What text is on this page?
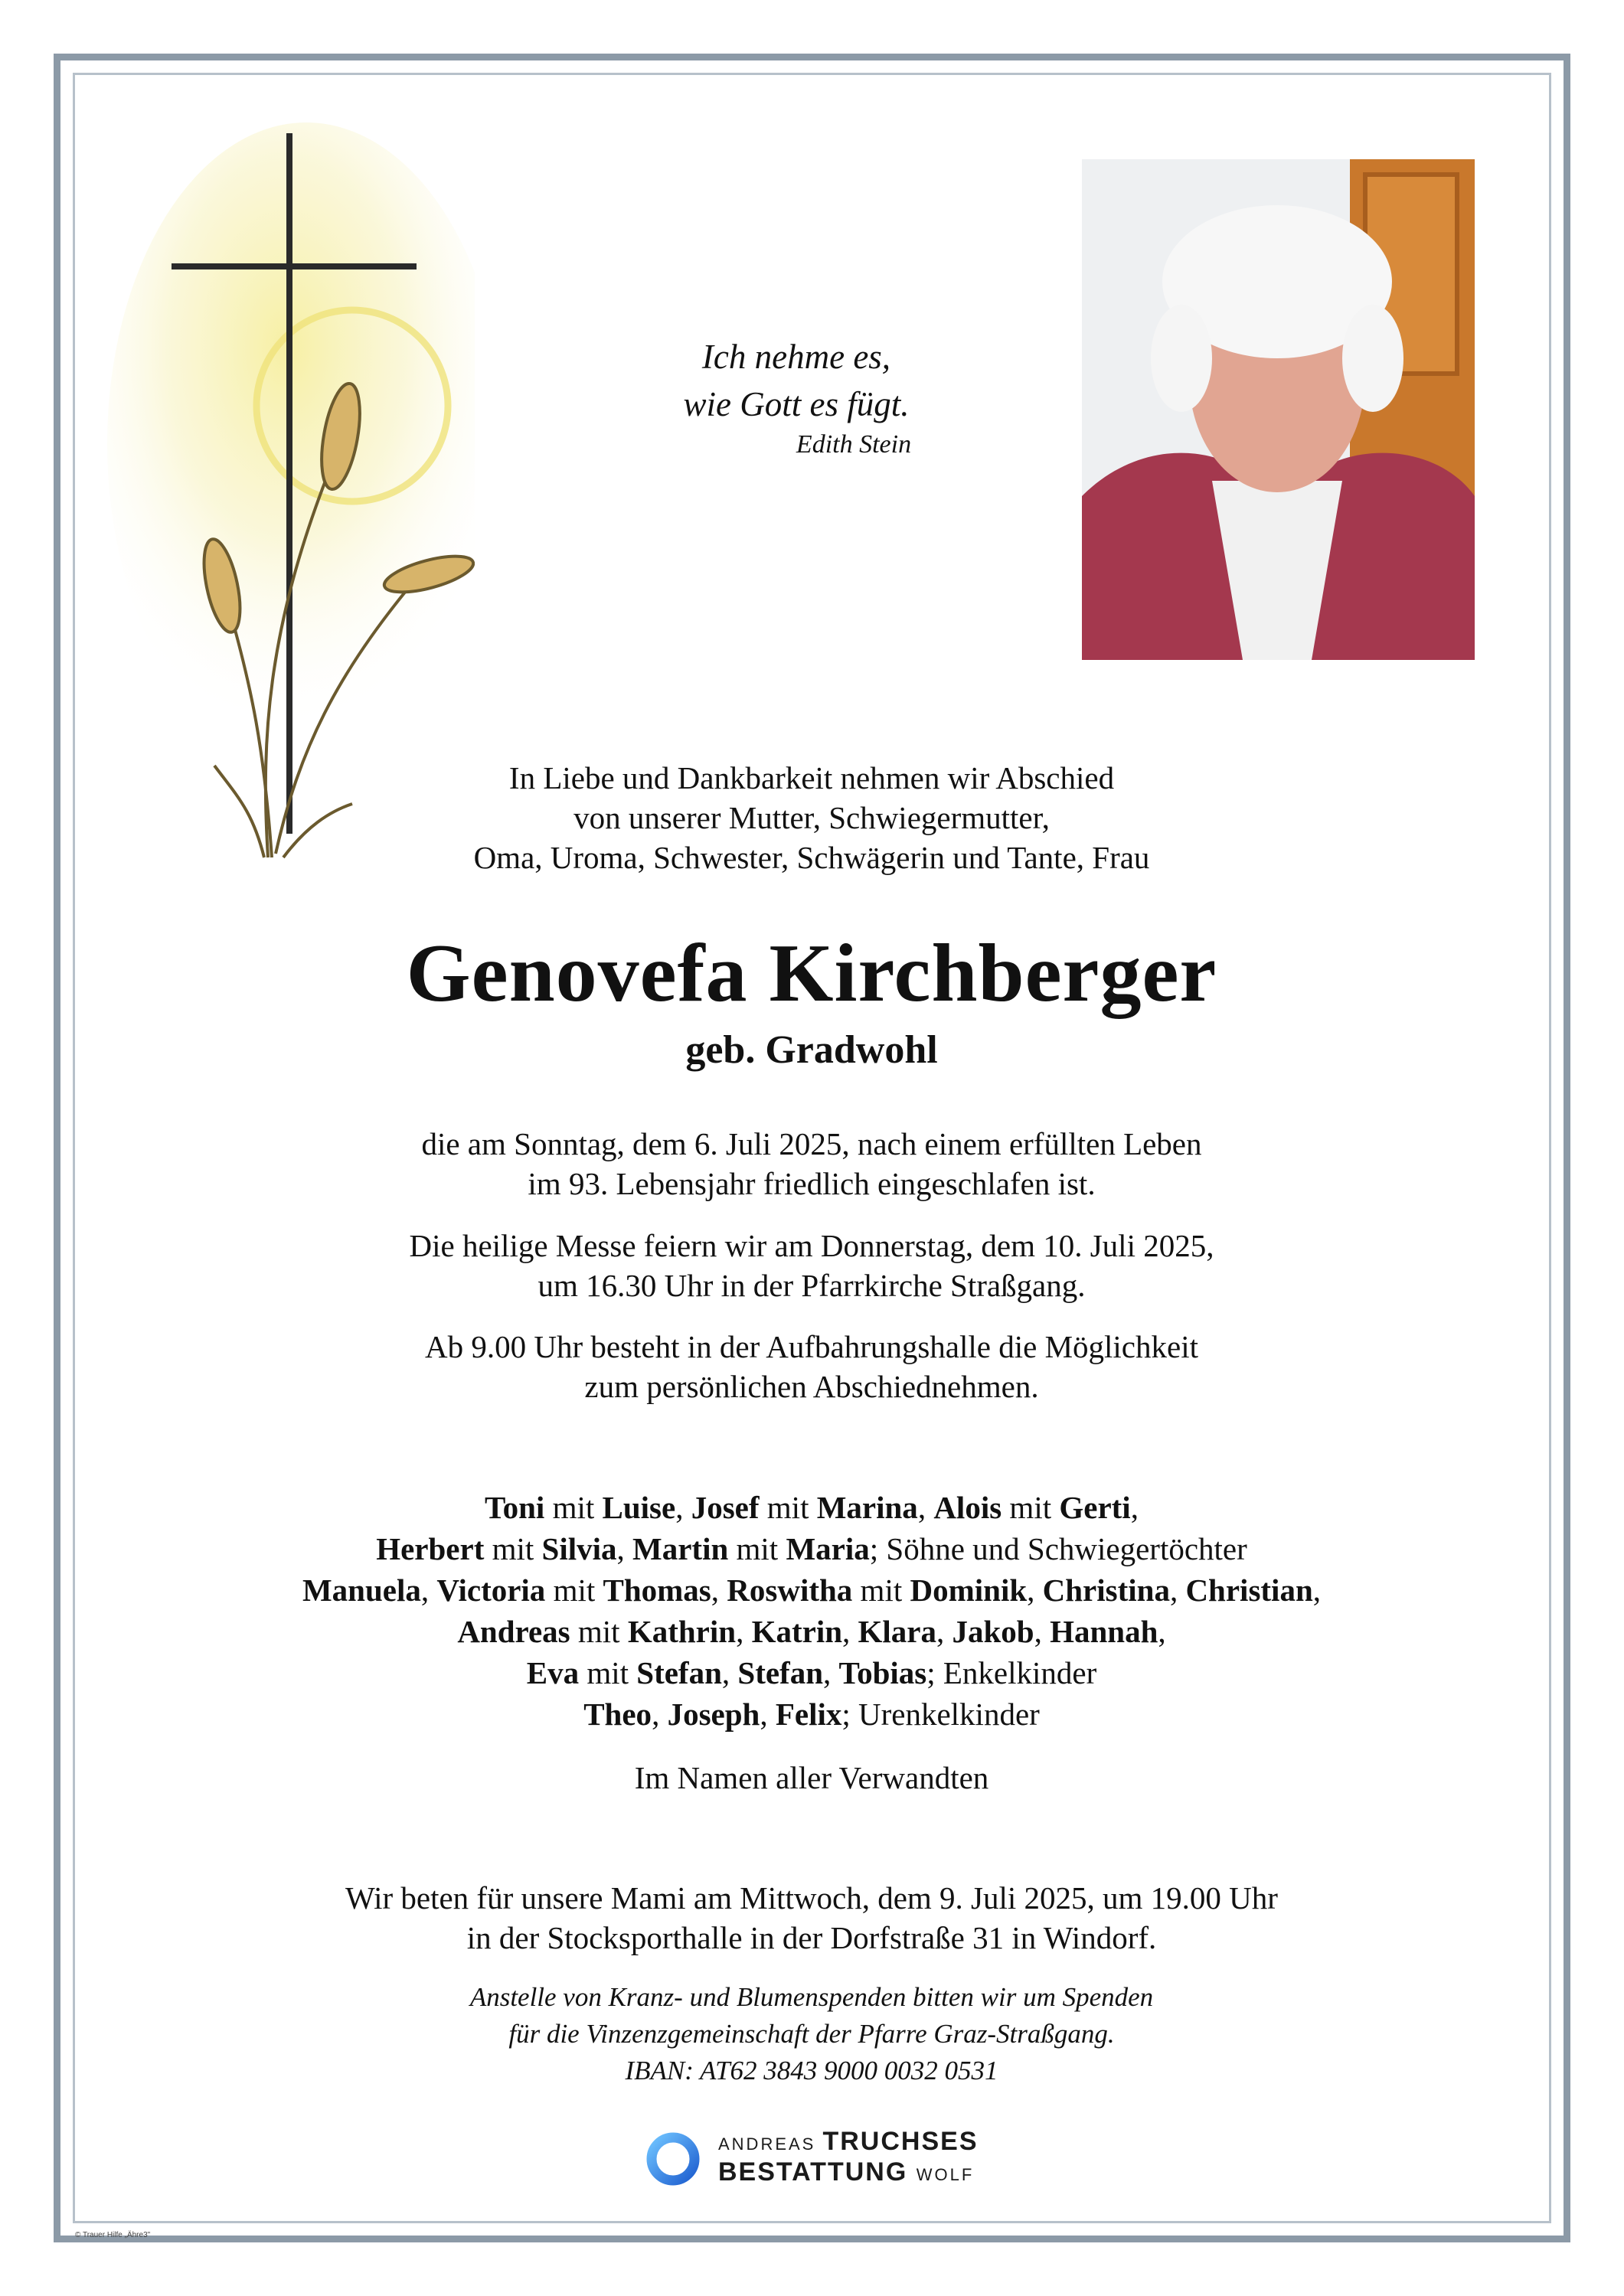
Ich nehme es,
wie Gott es fügt.
Edith Stein

In Liebe und Dankbarkeit nehmen wir Abschied

von unserer Mutter, Schwiegermutter,

Oma, Uroma, Schwester, Schwägerin und Tante, Frau

Genovefa Kirchberger
geb. Gradwohl

die am Sonntag, dem 6. Juli 2025, nach einem erfüllten Leben

im 93. Lebensjahr friedlich eingeschlafen ist.

Die heilige Messe feiern wir am Donnerstag, dem 10. Juli 2025,

um 16.30 Uhr in der Pfarrkirche Straßgang.

Ab 9.00 Uhr besteht in der Aufbahrungshalle die Möglichkeit

zum persönlichen Abschiednehmen.

Toni mit Luise, Josef mit Marina, Alois mit Gerti,
Herbert mit Silvia, Martin mit Maria; Söhne und Schwiegertöchter
Manuela, Victoria mit Thomas, Roswitha mit Dominik, Christina, Christian,
Andreas mit Kathrin, Katrin, Klara, Jakob, Hannah,
Eva mit Stefan, Stefan, Tobias; Enkelkinder
Theo, Joseph, Felix; Urenkelkinder
Im Namen aller Verwandten

Wir beten für unsere Mami am Mittwoch, dem 9. Juli 2025, um 19.00 Uhr

in der Stocksporthalle in der Dorfstraße 31 in Windorf.

Anstelle von Kranz- und Blumenspenden bitten wir um Spenden

für die Vinzenzgemeinschaft der Pfarre Graz-Straßgang.

IBAN: AT62 3843 9000 0032 0531

ANDREAS TRUCHSES
BESTATTUNG WOLF
© Trauer Hilfe „Ähre3"
